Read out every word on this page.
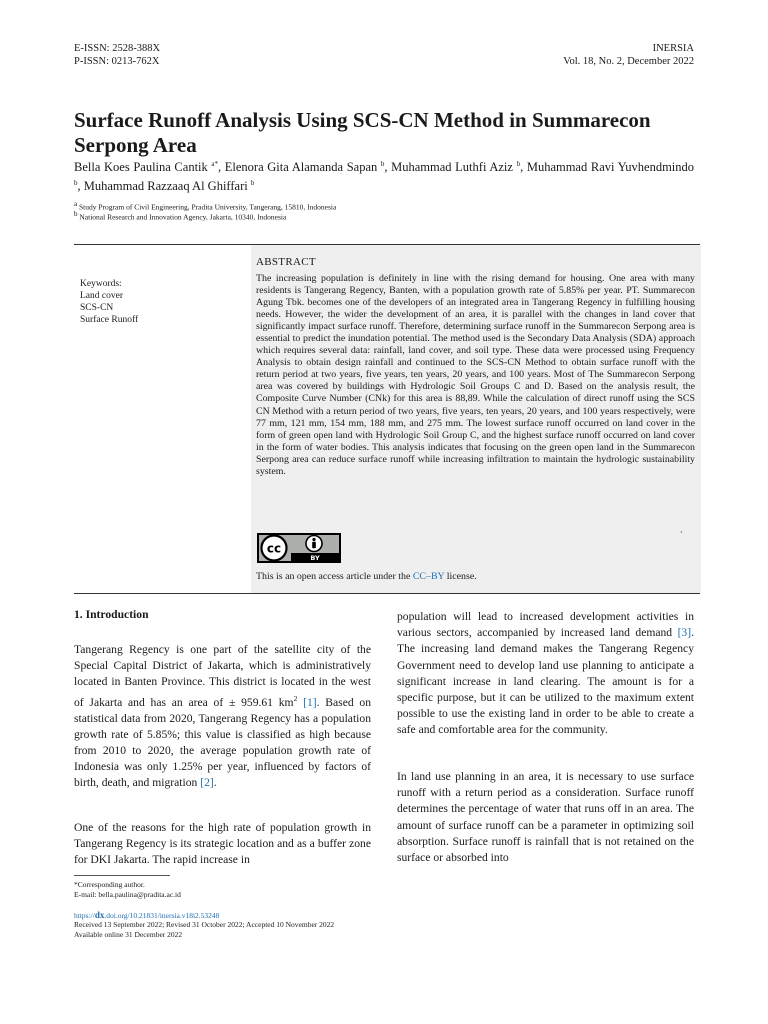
E-ISSN: 2528-388X
P-ISSN: 0213-762X
INERSIA
Vol. 18, No. 2, December 2022
Surface Runoff Analysis Using SCS-CN Method in Summarecon Serpong Area
Bella Koes Paulina Cantik $^{a*}$, Elenora Gita Alamanda Sapan $^b$, Muhammad Luthfi Aziz $^b$, Muhammad Ravi Yuvhendmindo $^b$, Muhammad Razzaaq Al Ghiffari $^b$
$^a$ Study Program of Civil Engineering, Pradita University, Tangerang, 15810, Indonesia
$^b$ National Research and Innovation Agency, Jakarta, 10340, Indonesia
Keywords:
Land cover
SCS-CN
Surface Runoff
ABSTRACT
The increasing population is definitely in line with the rising demand for housing. One area with many residents is Tangerang Regency, Banten, with a population growth rate of 5.85% per year. PT. Summarecon Agung Tbk. becomes one of the developers of an integrated area in Tangerang Regency in fulfilling housing needs. However, the wider the development of an area, it is parallel with the changes in land cover that significantly impact surface runoff. Therefore, determining surface runoff in the Summarecon Serpong area is essential to predict the inundation potential. The method used is the Secondary Data Analysis (SDA) approach which requires several data: rainfall, land cover, and soil type. These data were processed using Frequency Analysis to obtain design rainfall and continued to the SCS-CN Method to obtain surface runoff with the return period at two years, five years, ten years, 20 years, and 100 years. Most of The Summarecon Serpong area was covered by buildings with Hydrologic Soil Groups C and D. Based on the analysis result, the Composite Curve Number (CNk) for this area is 88,89. While the calculation of direct runoff using the SCS CN Method with a return period of two years, five years, ten years, 20 years, and 100 years respectively, were 77 mm, 121 mm, 154 mm, 188 mm, and 275 mm. The lowest surface runoff occurred on land cover in the form of green open land with Hydrologic Soil Group C, and the highest surface runoff occurred on land cover in the form of water bodies. This analysis indicates that focusing on the green open land in the Summarecon Serpong area can reduce surface runoff while increasing infiltration to maintain the hydrologic sustainability system.
`
cc
BY
This is an open access article under the CC–BY license.
1. Introduction
Tangerang Regency is one part of the satellite city of the Special Capital District of Jakarta, which is administratively located in Banten Province. This district is located in the west of Jakarta and has an area of ± 959.61 $km^2$ [1]. Based on statistical data from 2020, Tangerang Regency has a population growth rate of 5.85%; this value is classified as high because from 2010 to 2020, the average population growth rate of Indonesia was only 1.25% per year, influenced by factors of birth, death, and migration [2].
One of the reasons for the high rate of population growth in Tangerang Regency is its strategic location and as a buffer zone for DKI Jakarta. The rapid increase in
population will lead to increased development activities in various sectors, accompanied by increased land demand [3]. The increasing land demand makes the Tangerang Regency Government need to develop land use planning to anticipate a significant increase in land clearing. The amount is for a specific purpose, but it can be utilized to the maximum extent possible to use the existing land in order to be able to create a safe and comfortable area for the community.
In land use planning in an area, it is necessary to use surface runoff with a return period as a consideration. Surface runoff determines the percentage of water that runs off in an area. The amount of surface runoff can be a parameter in optimizing soil absorption. Surface runoff is rainfall that is not retained on the surface or absorbed into
*Corresponding author.
E-mail: bella.paulina@pradita.ac.id
https://dx.doi.org/10.21831/inersia.v18i2.53248
Received 13 September 2022; Revised 31 October 2022; Accepted 10 November 2022
Available online 31 December 2022
